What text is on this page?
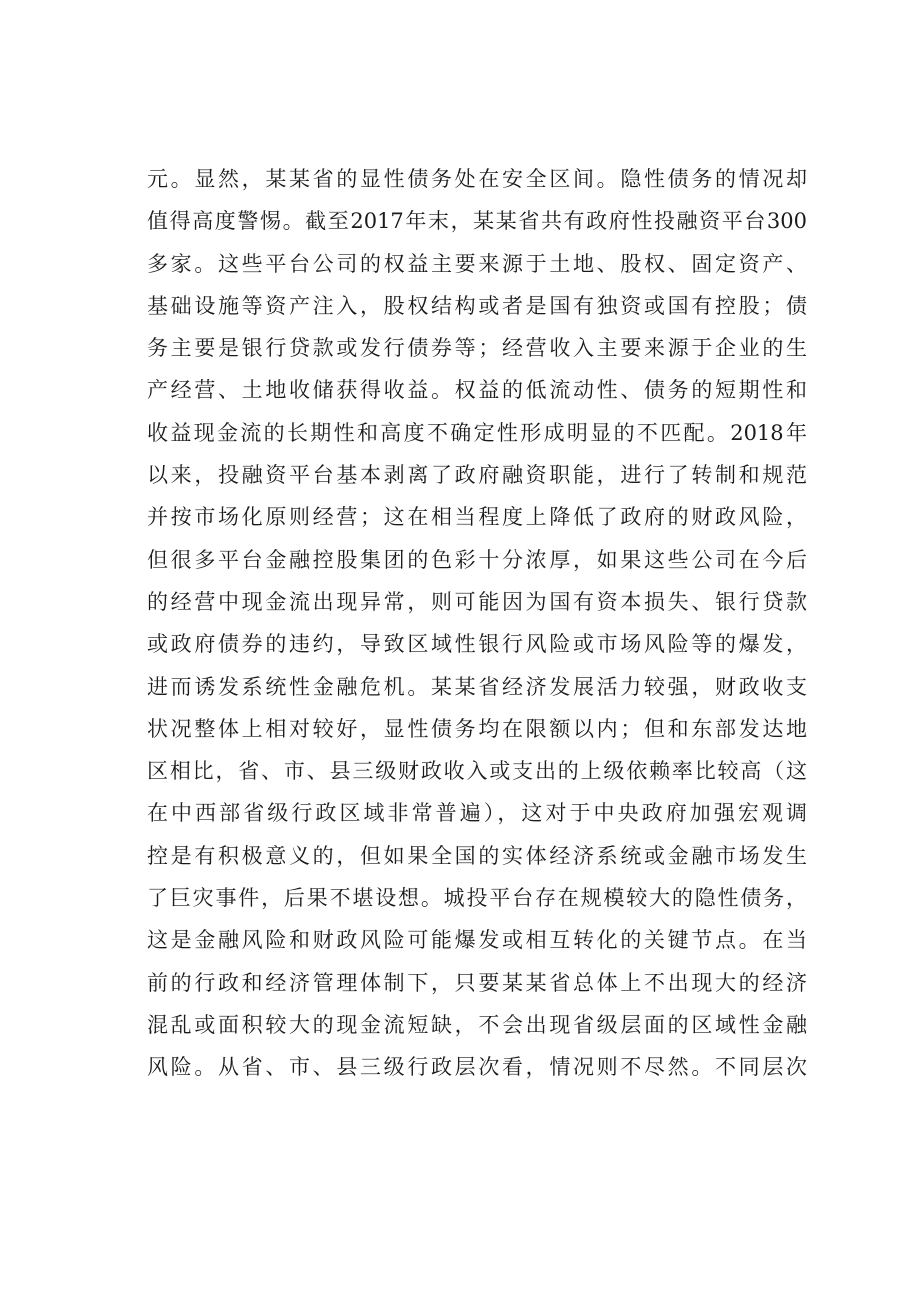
元。显然，某某省的显性债务处在安全区间。隐性债务的情况却
值得高度警惕。截至2017年末，某某省共有政府性投融资平台300
多家。这些平台公司的权益主要来源于土地、股权、固定资产、
基础设施等资产注入，股权结构或者是国有独资或国有控股；债
务主要是银行贷款或发行债券等；经营收入主要来源于企业的生
产经营、土地收储获得收益。权益的低流动性、债务的短期性和
收益现金流的长期性和高度不确定性形成明显的不匹配。2018年
以来，投融资平台基本剥离了政府融资职能，进行了转制和规范
并按市场化原则经营；这在相当程度上降低了政府的财政风险，
但很多平台金融控股集团的色彩十分浓厚，如果这些公司在今后
的经营中现金流出现异常，则可能因为国有资本损失、银行贷款
或政府债券的违约，导致区域性银行风险或市场风险等的爆发，
进而诱发系统性金融危机。某某省经济发展活力较强，财政收支
状况整体上相对较好，显性债务均在限额以内；但和东部发达地
区相比，省、市、县三级财政收入或支出的上级依赖率比较高（这
在中西部省级行政区域非常普遍），这对于中央政府加强宏观调
控是有积极意义的，但如果全国的实体经济系统或金融市场发生
了巨灾事件，后果不堪设想。城投平台存在规模较大的隐性债务，
这是金融风险和财政风险可能爆发或相互转化的关键节点。在当
前的行政和经济管理体制下，只要某某省总体上不出现大的经济
混乱或面积较大的现金流短缺，不会出现省级层面的区域性金融
风险。从省、市、县三级行政层次看，情况则不尽然。不同层次
